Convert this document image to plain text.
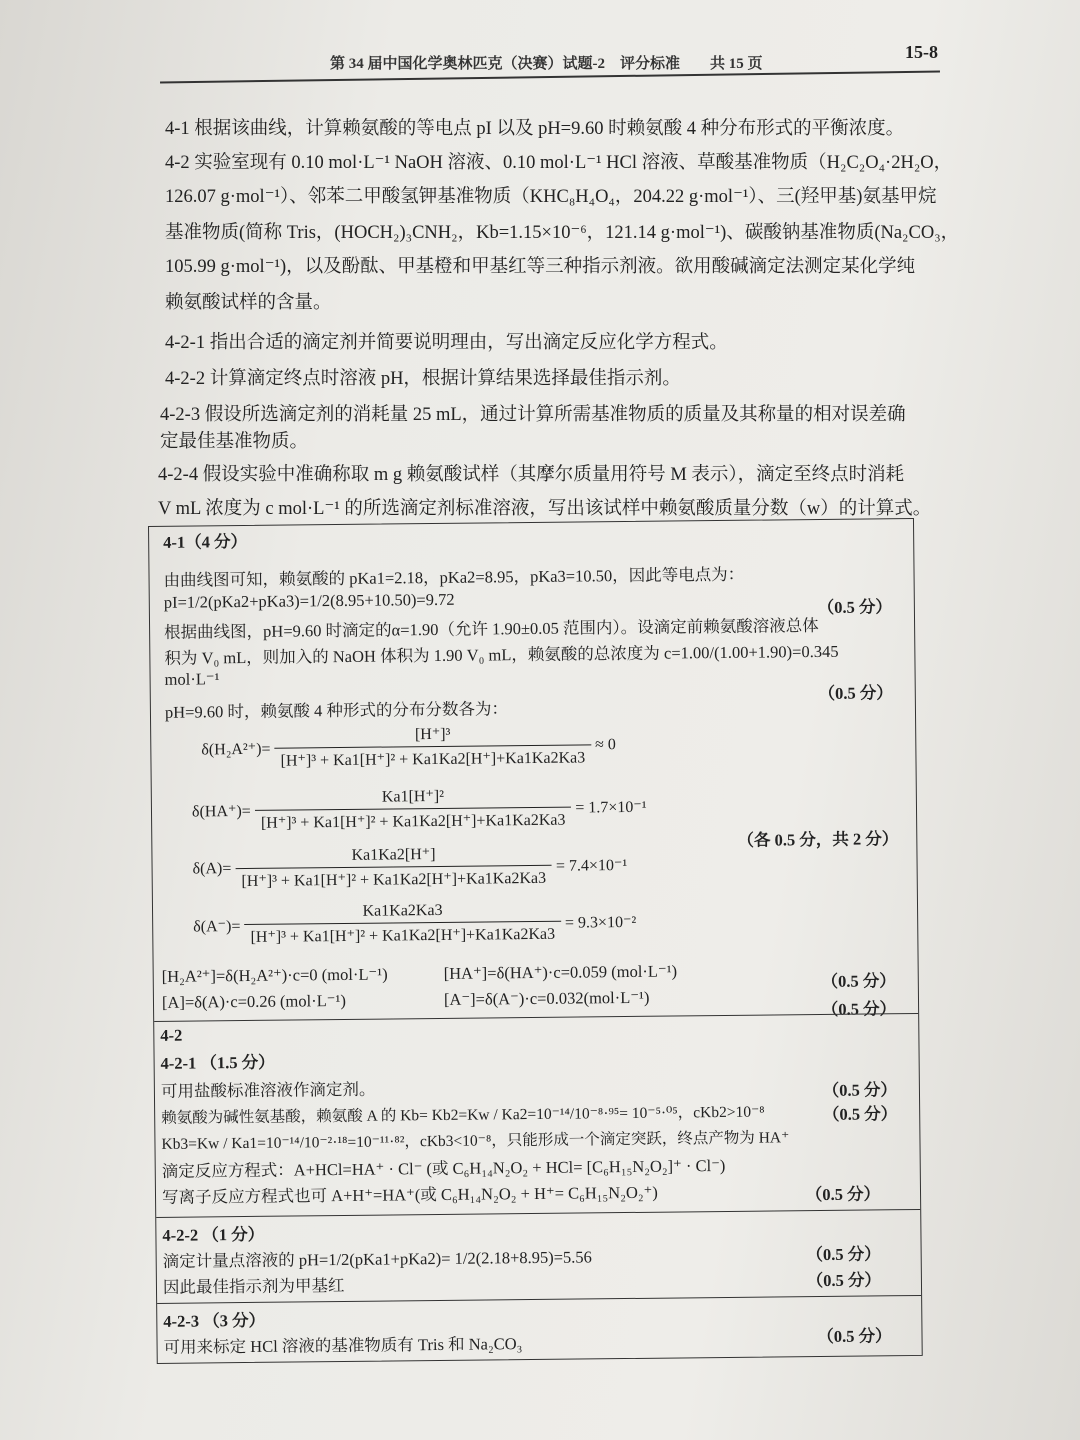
第 34 届中国化学奥林匹克（决赛）试题-2　评分标准　　共 15 页
15-8
4-1 根据该曲线，计算赖氨酸的等电点 pI 以及 pH=9.60 时赖氨酸 4 种分布形式的平衡浓度。
4-2 实验室现有 0.10 mol·L⁻¹ NaOH 溶液、0.10 mol·L⁻¹ HCl 溶液、草酸基准物质（H₂C₂O₄·2H₂O，
126.07 g·mol⁻¹）、邻苯二甲酸氢钾基准物质（KHC₈H₄O₄，204.22 g·mol⁻¹）、三(羟甲基)氨基甲烷
基准物质(简称 Tris，(HOCH₂)₃CNH₂，Kb=1.15×10⁻⁶，121.14 g·mol⁻¹)、碳酸钠基准物质(Na₂CO₃，
105.99 g·mol⁻¹)，以及酚酞、甲基橙和甲基红等三种指示剂液。欲用酸碱滴定法测定某化学纯
赖氨酸试样的含量。
4-2-1 指出合适的滴定剂并简要说明理由，写出滴定反应化学方程式。
4-2-2 计算滴定终点时溶液 pH，根据计算结果选择最佳指示剂。
4-2-3 假设所选滴定剂的消耗量 25 mL，通过计算所需基准物质的质量及其称量的相对误差确
定最佳基准物质。
4-2-4 假设实验中准确称取 m g 赖氨酸试样（其摩尔质量用符号 M 表示），滴定至终点时消耗
V mL 浓度为 c mol·L⁻¹ 的所选滴定剂标准溶液，写出该试样中赖氨酸质量分数（w）的计算式。
4-1（4 分）
由曲线图可知，赖氨酸的 pKa1=2.18，pKa2=8.95，pKa3=10.50，因此等电点为：
pI=1/2(pKa2+pKa3)=1/2(8.95+10.50)=9.72	（0.5 分）
根据曲线图，pH=9.60 时滴定的α=1.90（允许 1.90±0.05 范围内）。设滴定前赖氨酸溶液总体
积为 V₀ mL，则加入的 NaOH 体积为 1.90 V₀ mL，赖氨酸的总浓度为 c=1.00/(1.00+1.90)=0.345
mol·L⁻¹
（0.5 分）
pH=9.60 时，赖氨酸 4 种形式的分布分数各为：
$\delta(H_2A^{2+})= \frac{\text{[H⁺]³}}{\text{[H⁺]³ + Ka1[H⁺]² + Ka1Ka2[H⁺]+Ka1Ka2Ka3}} \approx 0$
$\delta(HA^+)= \frac{\text{Ka1[H⁺]²}}{\text{[H⁺]³ + Ka1[H⁺]² + Ka1Ka2[H⁺]+Ka1Ka2Ka3}} = 1.7\times 10^{-1}$
（各 0.5 分，共 2 分）
$\delta(A)= \frac{Ka1Ka2[H^+]}{\text{[H⁺]³ + Ka1[H⁺]² + Ka1Ka2[H⁺]+Ka1Ka2Ka3}} = 7.4\times 10^{-1}$
$\delta(A^-)= \frac{Ka1Ka2Ka3}{\text{[H⁺]³ + Ka1[H⁺]² + Ka1Ka2[H⁺]+Ka1Ka2Ka3}} = 9.3\times 10^{-2}$
[H₂A²⁺]=δ(H₂A²⁺)·c=0 (mol·L⁻¹)	[HA⁺]=δ(HA⁺)·c=0.059 (mol·L⁻¹)	（0.5 分）
[A]=δ(A)·c=0.26 (mol·L⁻¹)	[A⁻]=δ(A⁻)·c=0.032(mol·L⁻¹)
（0.5 分）
4-2
4-2-1 （1.5 分）
可用盐酸标准溶液作滴定剂。	（0.5 分）
赖氨酸为碱性氨基酸，赖氨酸 A 的 Kb= Kb2=Kw / Ka2=10⁻¹⁴/10⁻⁸·⁹⁵= 10⁻⁵·⁰⁵，cKb2>10⁻⁸	（0.5 分）
Kb3=Kw / Ka1=10⁻¹⁴/10⁻²·¹⁸=10⁻¹¹·⁸²，cKb3<10⁻⁸，只能形成一个滴定突跃，终点产物为 HA⁺
滴定反应方程式：A+HCl=HA⁺ · Cl⁻ (或 C₆H₁₄N₂O₂ + HCl= [C₆H₁₅N₂O₂]⁺ · Cl⁻)
写离子反应方程式也可 A+H⁺=HA⁺(或 C₆H₁₄N₂O₂ + H⁺= C₆H₁₅N₂O₂⁺)	（0.5 分）
4-2-2 （1 分）
滴定计量点溶液的 pH=1/2(pKa1+pKa2)= 1/2(2.18+8.95)=5.56	（0.5 分）
因此最佳指示剂为甲基红	（0.5 分）
4-2-3 （3 分）
可用来标定 HCl 溶液的基准物质有 Tris 和 Na₂CO₃	（0.5 分）
